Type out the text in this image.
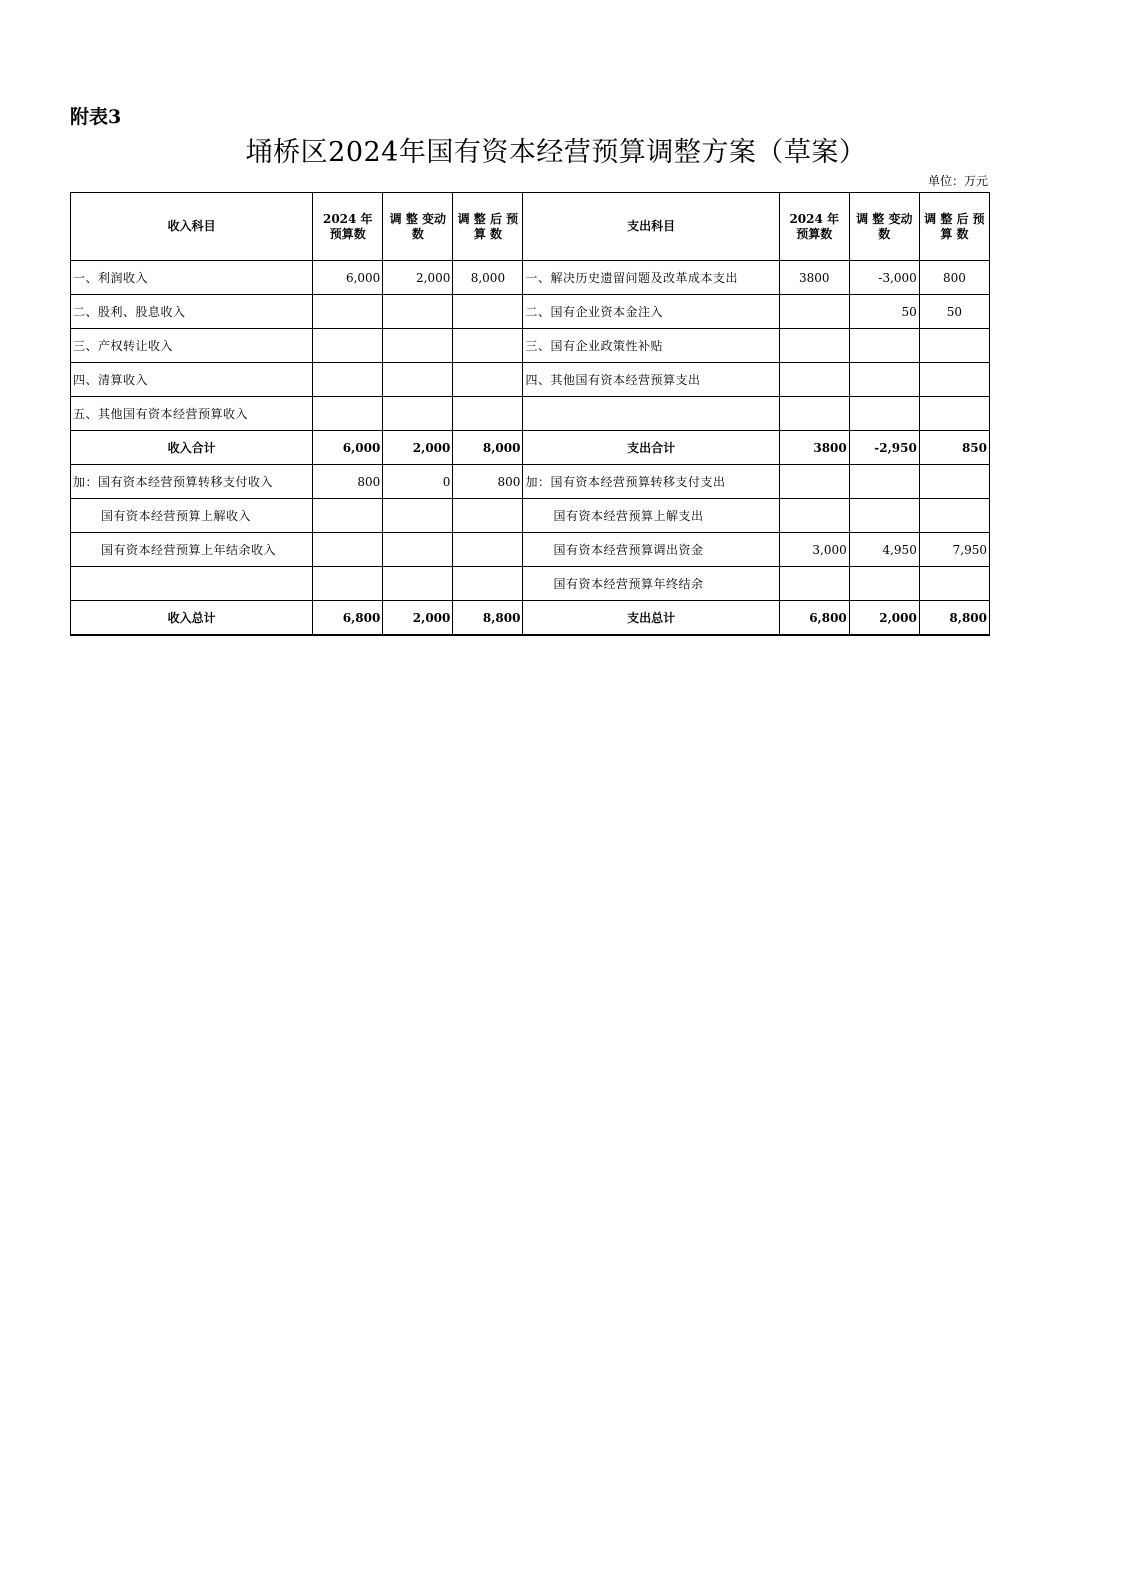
附表3
埇桥区2024年国有资本经营预算调整方案（草案）
单位：万元
收入科目	2024 年预算数	调 整 变动数	调 整 后 预 算 数	支出科目	2024 年预算数	调 整 变动数	调 整 后 预 算 数
一、利润收入	6,000	2,000	8,000	一、解决历史遗留问题及改革成本支出	3800	-3,000	800
二、股利、股息收入				二、国有企业资本金注入		50	50
三、产权转让收入				三、国有企业政策性补贴			
四、清算收入				四、其他国有资本经营预算支出			
五、其他国有资本经营预算收入							
收入合计	6,000	2,000	8,000	支出合计	3800	-2,950	850
加：国有资本经营预算转移支付收入	800	0	800	加：国有资本经营预算转移支付支出			
国有资本经营预算上解收入				国有资本经营预算上解支出			
国有资本经营预算上年结余收入				国有资本经营预算调出资金	3,000	4,950	7,950
				国有资本经营预算年终结余			
收入总计	6,800	2,000	8,800	支出总计	6,800	2,000	8,800
